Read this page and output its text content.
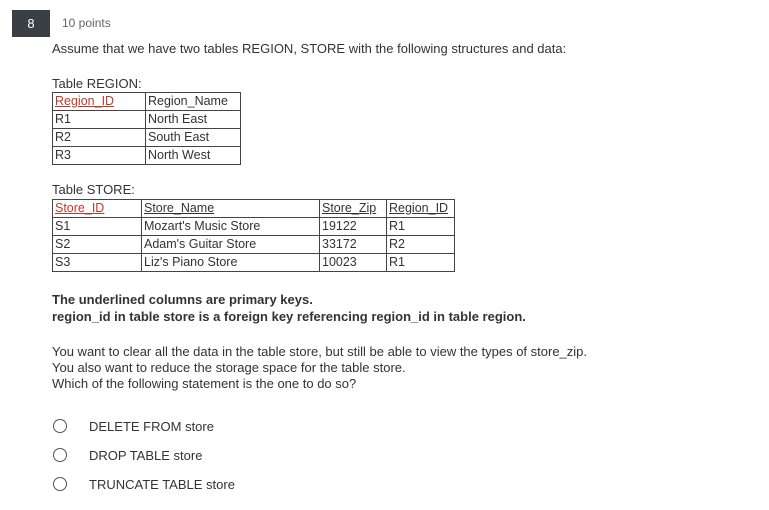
8	10 points
Assume that we have two tables REGION, STORE with the following structures and data:
Table REGION:
Region_ID	Region_Name
R1	North East
R2	South East
R3	North West
Table STORE:
Store_ID	Store_Name	Store_Zip	Region_ID
S1	Mozart's Music Store	19122	R1
S2	Adam's Guitar Store	33172	R2
S3	Liz's Piano Store	10023	R1
The underlined columns are primary keys.
region_id in table store is a foreign key referencing region_id in table region.
You want to clear all the data in the table store, but still be able to view the types of store_zip.
You also want to reduce the storage space for the table store.
Which of the following statement is the one to do so?
DELETE FROM store
DROP TABLE store
TRUNCATE TABLE store
